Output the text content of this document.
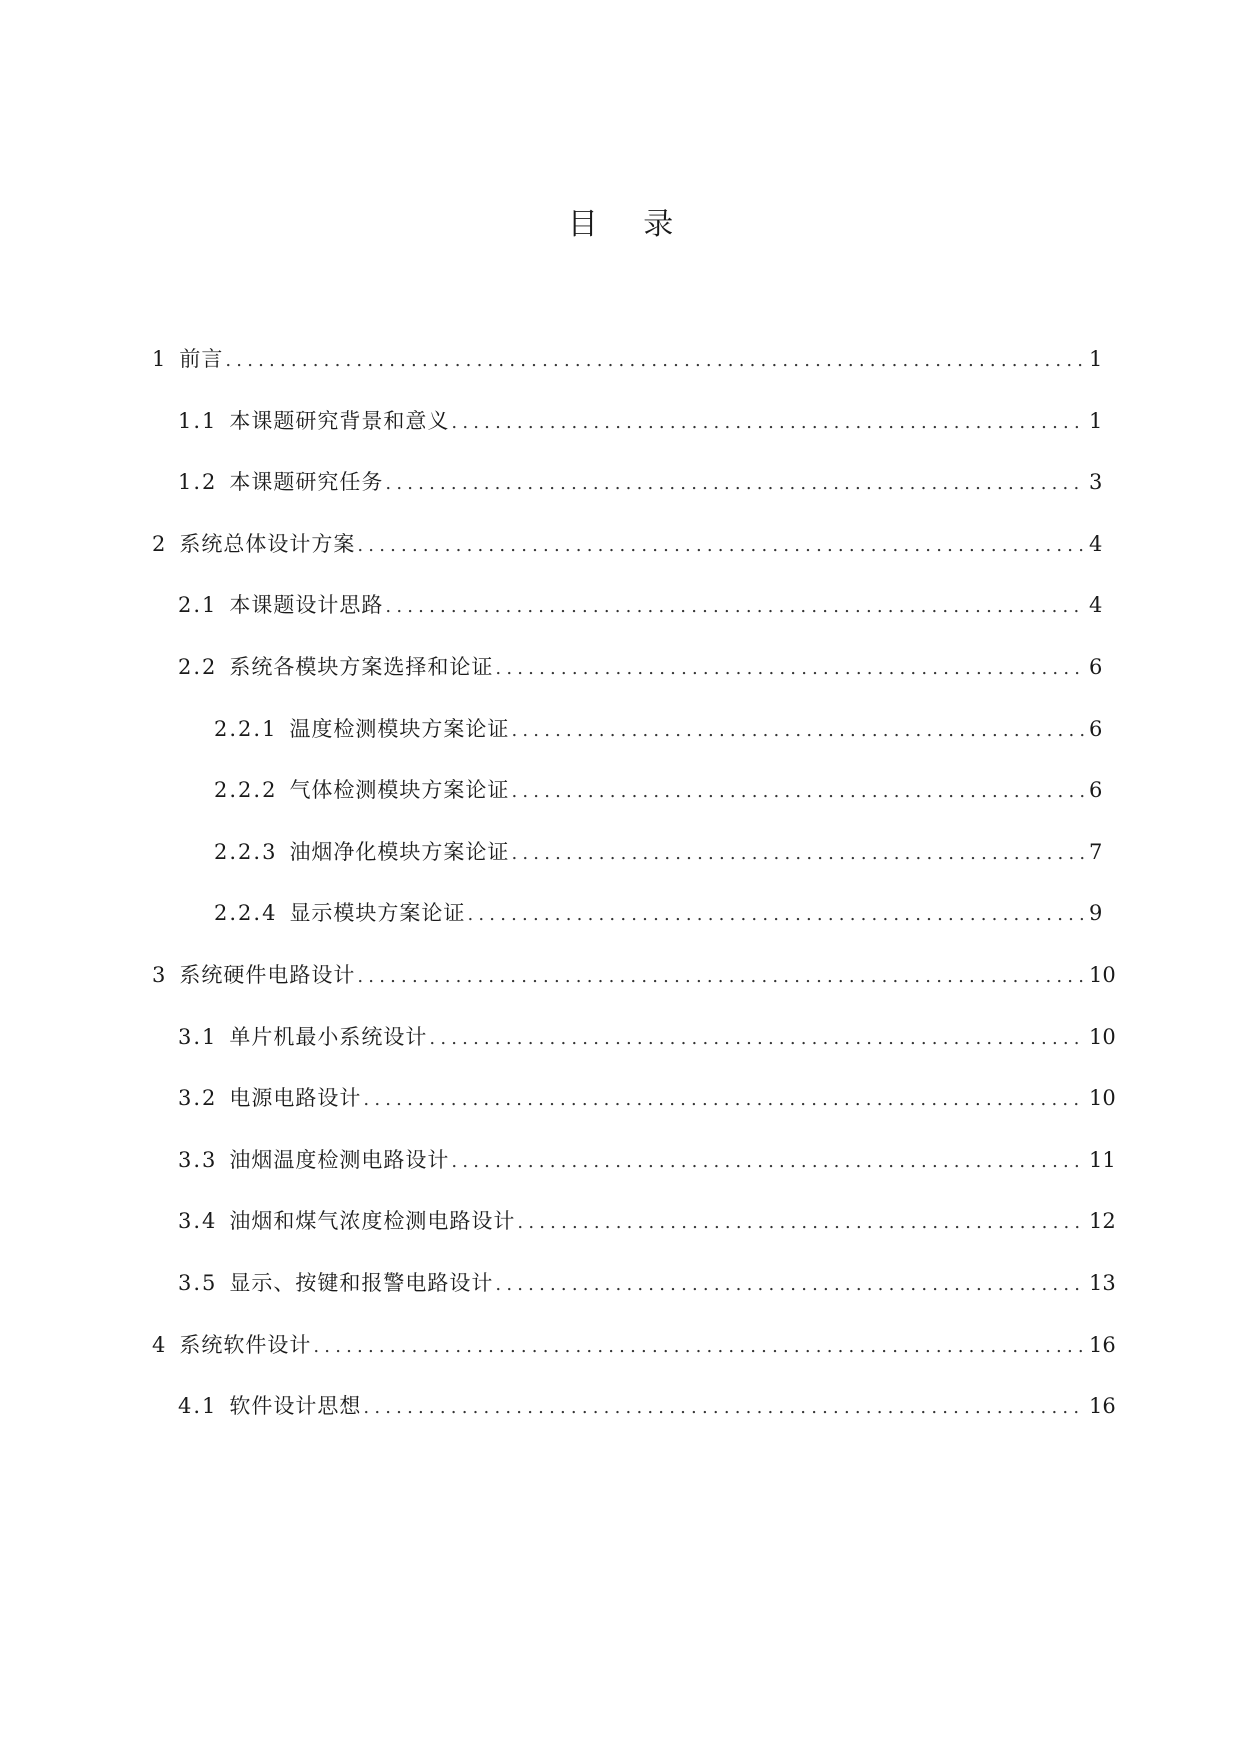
目 录
1 前言 .....	1
1.1 本课题研究背景和意义 .....	1
1.2 本课题研究任务 .....	3
2 系统总体设计方案 .....	4
2.1 本课题设计思路 .....	4
2.2 系统各模块方案选择和论证 .....	6
2.2.1 温度检测模块方案论证 .....	6
2.2.2 气体检测模块方案论证 .....	6
2.2.3 油烟净化模块方案论证 .....	7
2.2.4 显示模块方案论证 .....	9
3 系统硬件电路设计 .....	10
3.1 单片机最小系统设计 .....	10
3.2 电源电路设计 .....	10
3.3 油烟温度检测电路设计 .....	11
3.4 油烟和煤气浓度检测电路设计 .....	12
3.5 显示、按键和报警电路设计 .....	13
4 系统软件设计 .....	16
4.1 软件设计思想 .....	16
